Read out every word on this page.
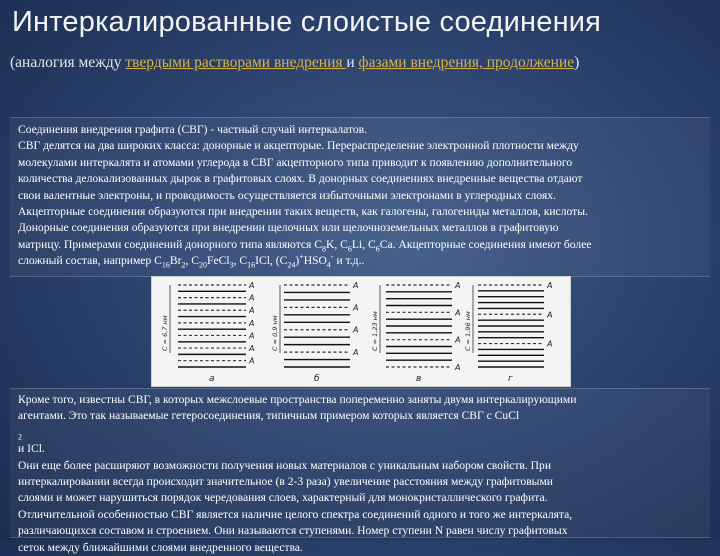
Интеркалированные слоистые соединения
(аналогия между твердыми растворами внедрения и фазами внедрения, продолжение)
Соединения внедрения графита (СВГ) - частный случай интеркалатов.
СВГ делятся на два широких класса: донорные и акцепторые. Перераспределение электронной плотности между
молекулами интеркалята и атомами углерода в СВГ акцепторного типа приводит к появлению дополнительного
количества делокализованных дырок в графитовых слоях. В донорных соединениях внедренные вещества отдают
свои валентные электроны, и проводимость осуществляется избыточными электронами в углеродных слоях.
Акцепторные соединения образуются при внедрении таких веществ, как галогены, галогениды металлов, кислоты.
Донорные соединения образуются при внедрении щелочных или щелочноземельных металлов в графитовую
матрицу. Примерами соединений донорного типа являются $C_8K$, $C_6Li$, $C_6Ca$. Акцепторные соединения имеют более
сложный состав, например $C_{16}Br_2$, $C_{20}FeCl_3$, $C_{16}ICl$, $(C_{24})^+HSO_4^-$ и т.д..
A
A
A
A
A
A
A
C = 6,7 нм
а
A
A
A
A
C = 0,9 нм
б
A
A
A
A
C = 1,23 нм
в
A
A
A
C = 1,96 нм
г
Кроме того, известны СВГ, в которых межслоевые пространства попеременно заняты двумя интеркалирующими
агентами. Это так называемые гетеросоединения, типичным примером которых является СВГ с CuCl
$_2$
и ICl.
Они еще более расширяют возможности получения новых материалов с уникальным набором свойств. При
интеркалировании всегда происходит значительное (в 2-3 раза) увеличение расстояния между графитовыми
слоями и может нарушиться порядок чередования слоев, характерный для монокристаллического графита.
Отличительной особенностью СВГ является наличие целого спектра соединений одного и того же интеркалята,
различающихся составом и строением. Они называются ступенями. Номер ступени N равен числу графитовых
сеток между ближайшими слоями внедренного вещества.
